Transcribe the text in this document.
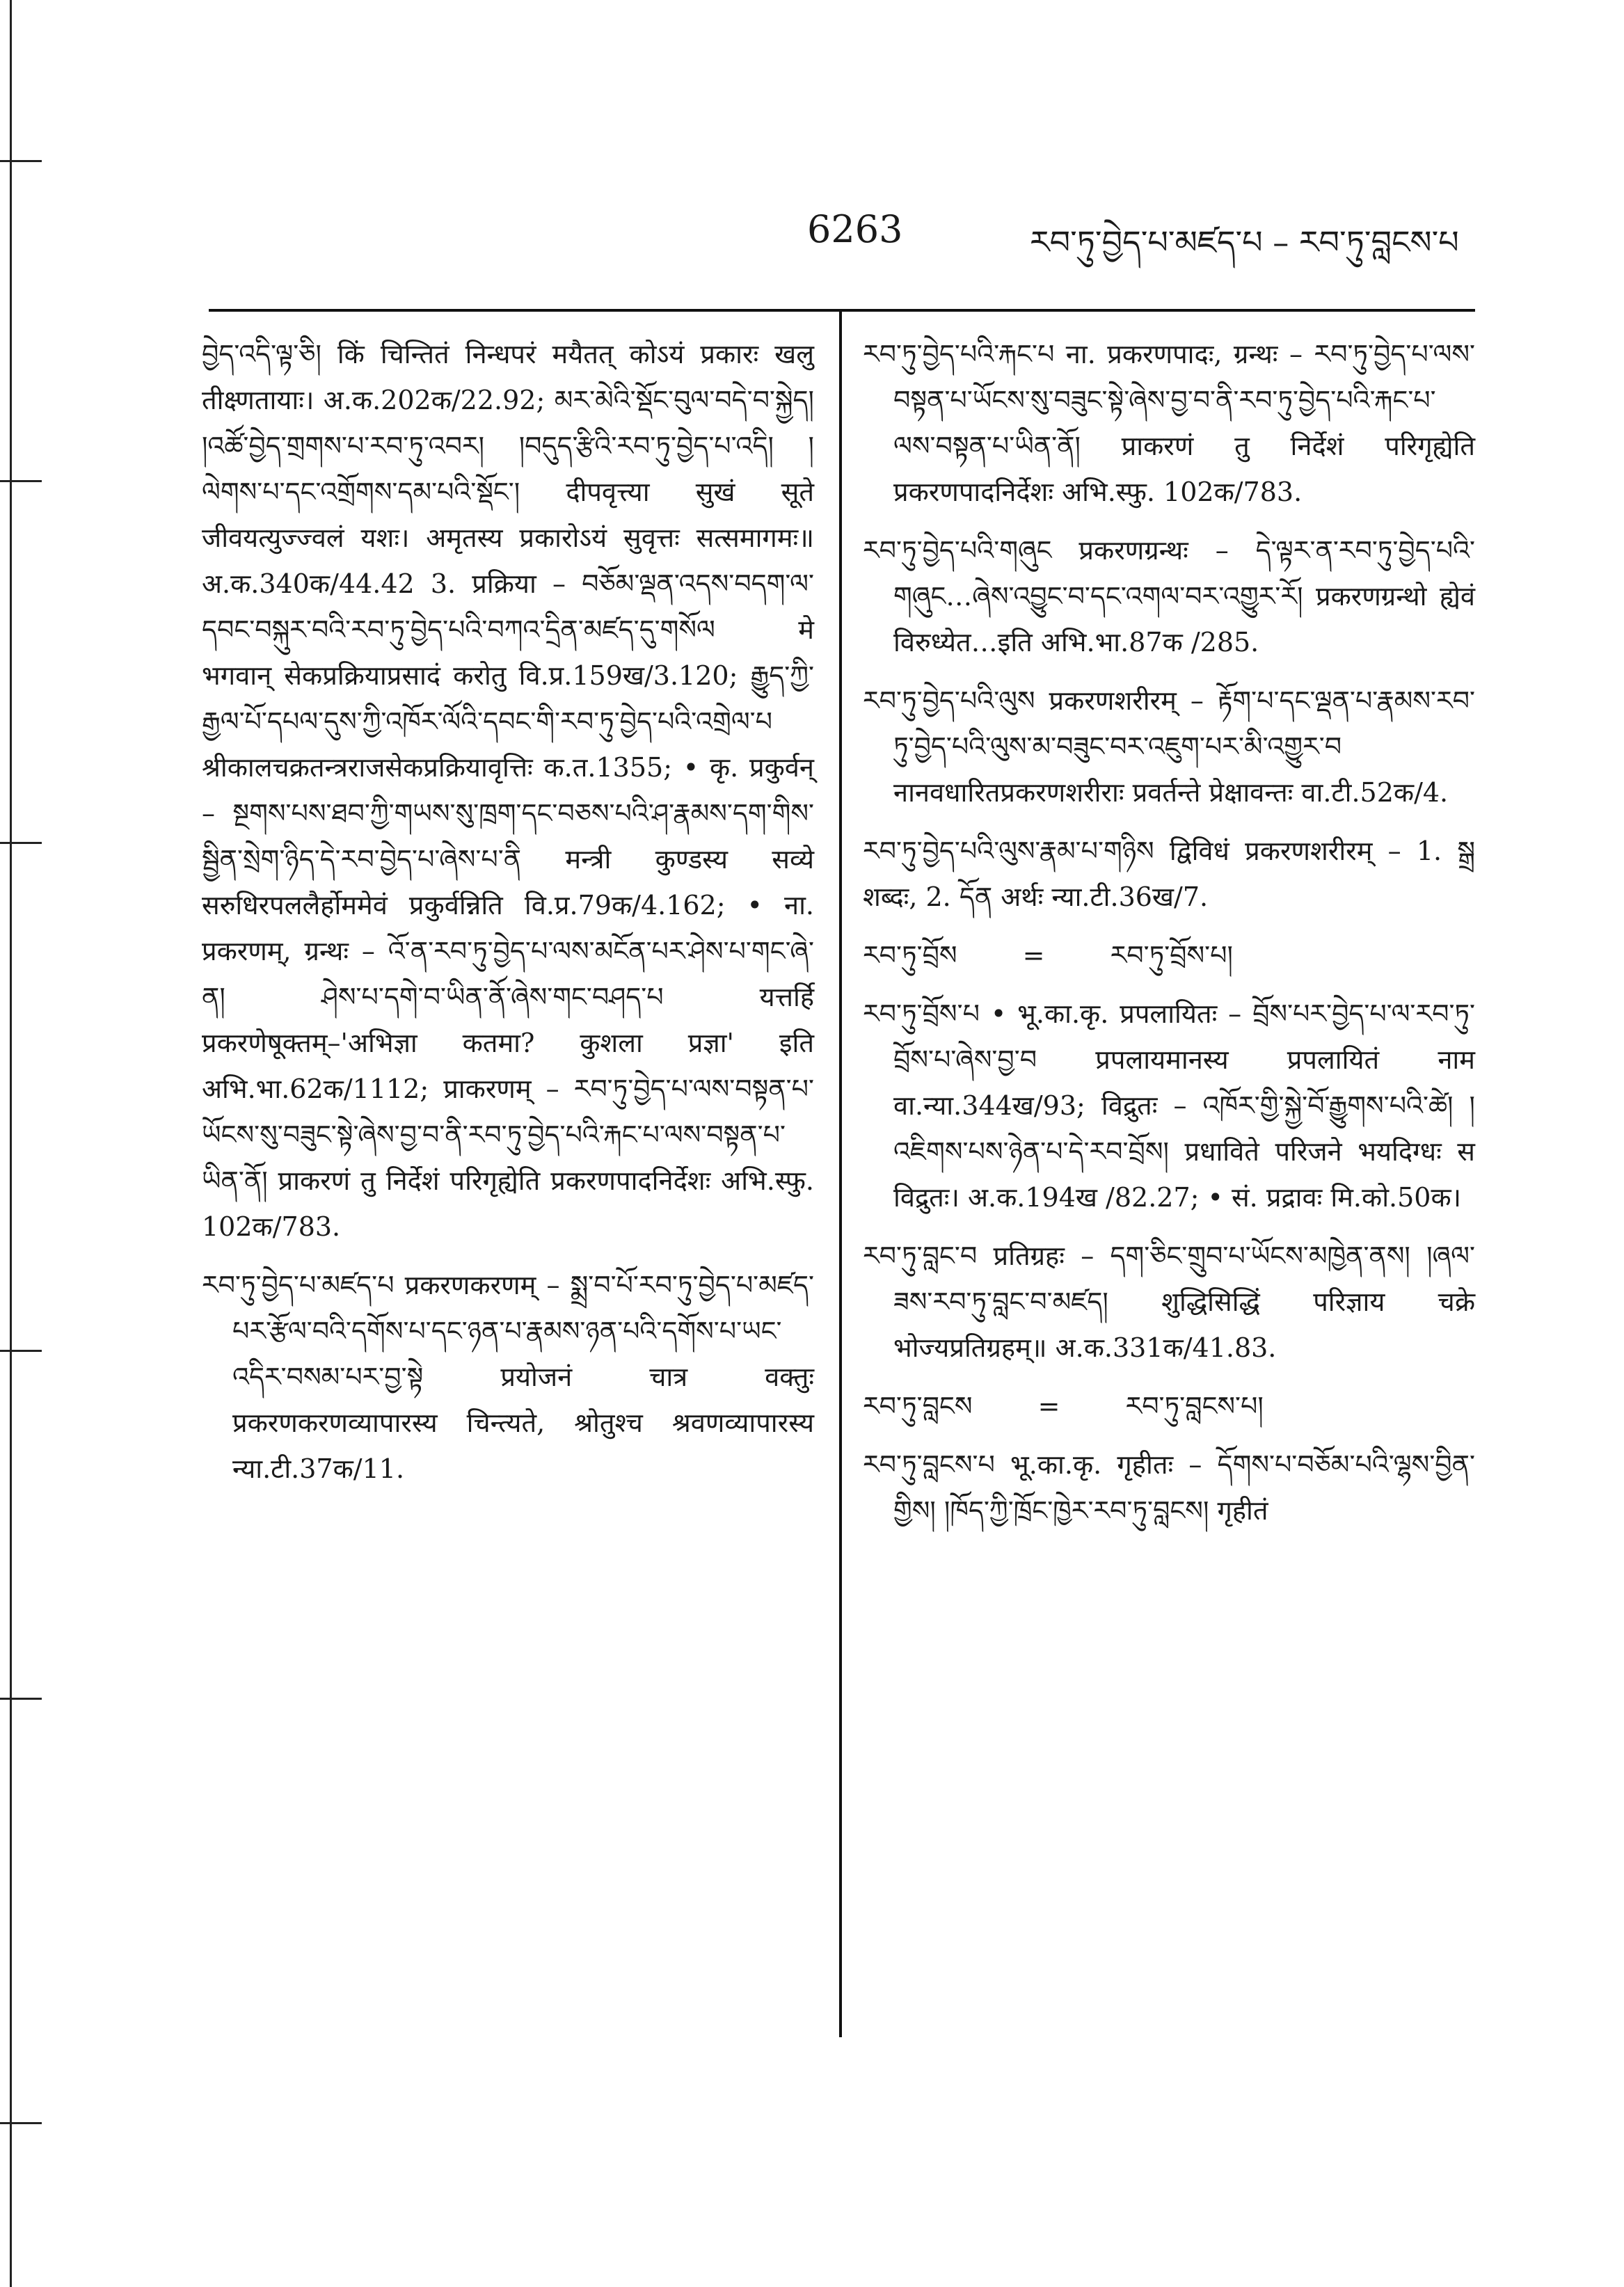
6263	རབ་ཏུ་བྱེད་པ་མཛད་པ – རབ་ཏུ་བླངས་པ

བྱེད་འདི་ལྟ་ཅི། किं चिन्तितं निन्धपरं मयैतत् कोऽयं प्रकारः खलु तीक्ष्णतायाः। अ.क.202क/22.92; མར་མེའི་སྡོང་བུལ་བདེ་བ་སྐྱེད། །འཚོ་བྱེད་གྲགས་པ་རབ་ཏུ་འབར། །བདུད་རྩིའི་རབ་ཏུ་བྱེད་པ་འདི། །ལེགས་པ་དང་འགྲོགས་དམ་པའི་སྡོང་། दीपवृत्त्या सुखं सूते जीवयत्युज्ज्वलं यशः। अमृतस्य प्रकारोऽयं सुवृत्तः सत्समागमः॥ अ.क.340क/44.42 3. प्रक्रिया – བཅོམ་ལྡན་འདས་བདག་ལ་དབང་བསྐུར་བའི་རབ་ཏུ་བྱེད་པའི་བཀའ་དྲིན་མཛད་དུ་གསོལ मे भगवान् सेकप्रक्रियाप्रसादं करोतु वि.प्र.159ख/3.120; རྒྱུད་ཀྱི་རྒྱལ་པོ་དཔལ་དུས་ཀྱི་འཁོར་ལོའི་དབང་གི་རབ་ཏུ་བྱེད་པའི་འགྲེལ་པ श्रीकालचक्रतन्त्रराजसेकप्रक्रियावृत्तिः क.त.1355; • कृ. प्रकुर्वन् – སྔགས་པས་ཐབ་ཀྱི་གཡས་སུ་ཁྲག་དང་བཅས་པའི་ཤ་རྣམས་དག་གིས་སྦྱིན་སྲེག་ཉིད་དེ་རབ་བྱེད་པ་ཞེས་པ་ནི मन्त्री कुण्डस्य सव्ये सरुधिरपललैर्होममेवं प्रकुर्वन्निति वि.प्र.79क/4.162; • ना. प्रकरणम्, ग्रन्थः – འོ་ན་རབ་ཏུ་བྱེད་པ་ལས་མངོན་པར་ཤེས་པ་གང་ཞེ་ན། ཤེས་པ་དགེ་བ་ཡིན་ནོ་ཞེས་གང་བཤད་པ यत्तर्हि प्रकरणेषूक्तम्–'अभिज्ञा कतमा? कुशला प्रज्ञा' इति अभि.भा.62क/1112; प्राकरणम् – རབ་ཏུ་བྱེད་པ་ལས་བསྟན་པ་ཡོངས་སུ་བཟུང་སྟེ་ཞེས་བྱ་བ་ནི་རབ་ཏུ་བྱེད་པའི་རྐང་པ་ལས་བསྟན་པ་ཡིན་ནོ། प्राकरणं तु निर्देशं परिगृह्येति प्रकरणपादनिर्देशः अभि.स्फु. 102क/783.

རབ་ཏུ་བྱེད་པ་མཛད་པ प्रकरणकरणम् – སྨྲ་བ་པོ་རབ་ཏུ་བྱེད་པ་མཛད་པར་རྩོལ་བའི་དགོས་པ་དང་ཉན་པ་རྣམས་ཉན་པའི་དགོས་པ་ཡང་འདིར་བསམ་པར་བྱ་སྟེ प्रयोजनं चात्र वक्तुः प्रकरणकरणव्यापारस्य चिन्त्यते, श्रोतुश्च श्रवणव्यापारस्य न्या.टी.37क/11.

རབ་ཏུ་བྱེད་པའི་རྐང་པ ना. प्रकरणपादः, ग्रन्थः – རབ་ཏུ་བྱེད་པ་ལས་བསྟན་པ་ཡོངས་སུ་བཟུང་སྟེ་ཞེས་བྱ་བ་ནི་རབ་ཏུ་བྱེད་པའི་རྐང་པ་ལས་བསྟན་པ་ཡིན་ནོ། प्राकरणं तु निर्देशं परिगृह्येति प्रकरणपादनिर्देशः अभि.स्फु. 102क/783.

རབ་ཏུ་བྱེད་པའི་གཞུང प्रकरणग्रन्थः – དེ་ལྟར་ན་རབ་ཏུ་བྱེད་པའི་གཞུང…ཞེས་འབྱུང་བ་དང་འགལ་བར་འགྱུར་རོ། प्रकरणग्रन्थो ह्येवं विरुध्येत…इति अभि.भा.87क /285.

རབ་ཏུ་བྱེད་པའི་ལུས प्रकरणशरीरम् – རྟོག་པ་དང་ལྡན་པ་རྣམས་རབ་ཏུ་བྱེད་པའི་ལུས་མ་བཟུང་བར་འཇུག་པར་མི་འགྱུར་བ नानवधारितप्रकरणशरीराः प्रवर्तन्ते प्रेक्षावन्तः वा.टी.52क/4.

རབ་ཏུ་བྱེད་པའི་ལུས་རྣམ་པ་གཉིས द्विविधं प्रकरणशरीरम् – 1. སྒྲ शब्दः, 2. དོན अर्थः न्या.टी.36ख/7.

རབ་ཏུ་བྲོས = རབ་ཏུ་བྲོས་པ།

རབ་ཏུ་བྲོས་པ • भू.का.कृ. प्रपलायितः – བྲོས་པར་བྱེད་པ་ལ་རབ་ཏུ་བྲོས་པ་ཞེས་བྱ་བ प्रपलायमानस्य प्रपलायितं नाम वा.न्या.344ख/93; विद्रुतः – འཁོར་གྱི་སྐྱེ་བོ་རྒྱུགས་པའི་ཚེ། །འཇིགས་པས་ཉེན་པ་དེ་རབ་བྲོས། प्रधाविते परिजने भयदिग्धः स विद्रुतः। अ.क.194ख /82.27; • सं. प्रद्रावः मि.को.50क।

རབ་ཏུ་བླང་བ प्रतिग्रहः – དག་ཅིང་གྲུབ་པ་ཡོངས་མཁྱེན་ནས། །ཞལ་ཟས་རབ་ཏུ་བླང་བ་མཛད། शुद्धिसिद्धिं परिज्ञाय चक्रे भोज्यप्रतिग्रहम्॥ अ.क.331क/41.83.

རབ་ཏུ་བླངས = རབ་ཏུ་བླངས་པ།

རབ་ཏུ་བླངས་པ भू.का.कृ. गृहीतः – དོགས་པ་བཅོམ་པའི་ལྷས་བྱིན་གྱིས། །ཁོད་ཀྱི་ཁྲོང་ཁྱེར་རབ་ཏུ་བླངས། गृहीतं
